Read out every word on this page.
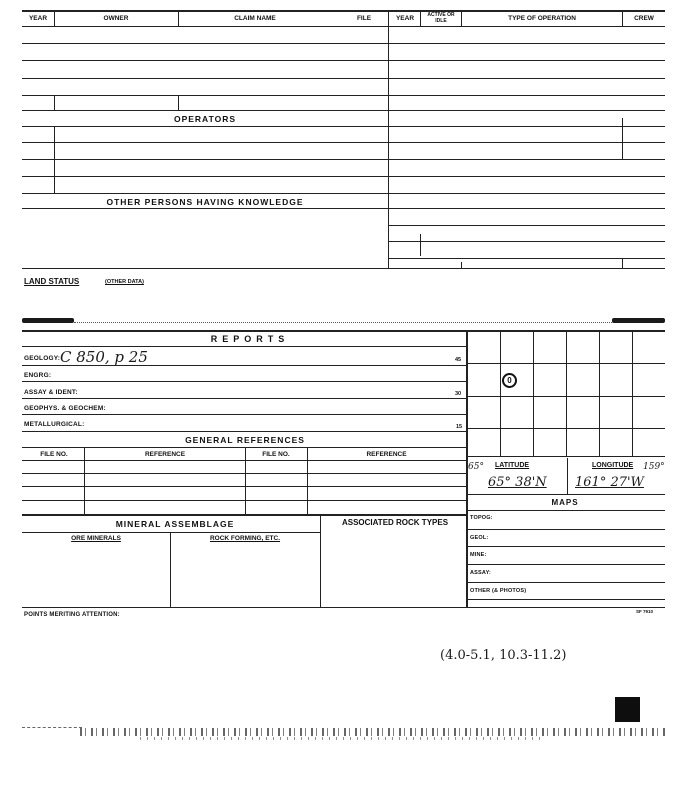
YEAR	OWNER	CLAIM NAME	FILE	YEAR	ACTIVE OR IDLE	TYPE OF OPERATION	CREW
OPERATORS
OTHER PERSONS HAVING KNOWLEDGE
LAND STATUS	(OTHER DATA)
REPORTS
GEOLOGY: C 850, p 25	45
ENGRG:
ASSAY & IDENT:	30
GEOPHYS. & GEOCHEM:
METALLURGICAL:	15
GENERAL REFERENCES
FILE NO.	REFERENCE	FILE NO.	REFERENCE
0
65° LATITUDE	LONGITUDE 159°
65° 38'N 161° 27'W
MAPS
TOPOG:
GEOL:
MINE:
ASSAY:
OTHER (& PHOTOS)
MINERAL ASSEMBLAGE	ASSOCIATED ROCK TYPES
ORE MINERALS	ROCK FORMING, ETC.
POINTS MERITING ATTENTION:
SF 7910
(4.0-5.1, 10.3-11.2)
